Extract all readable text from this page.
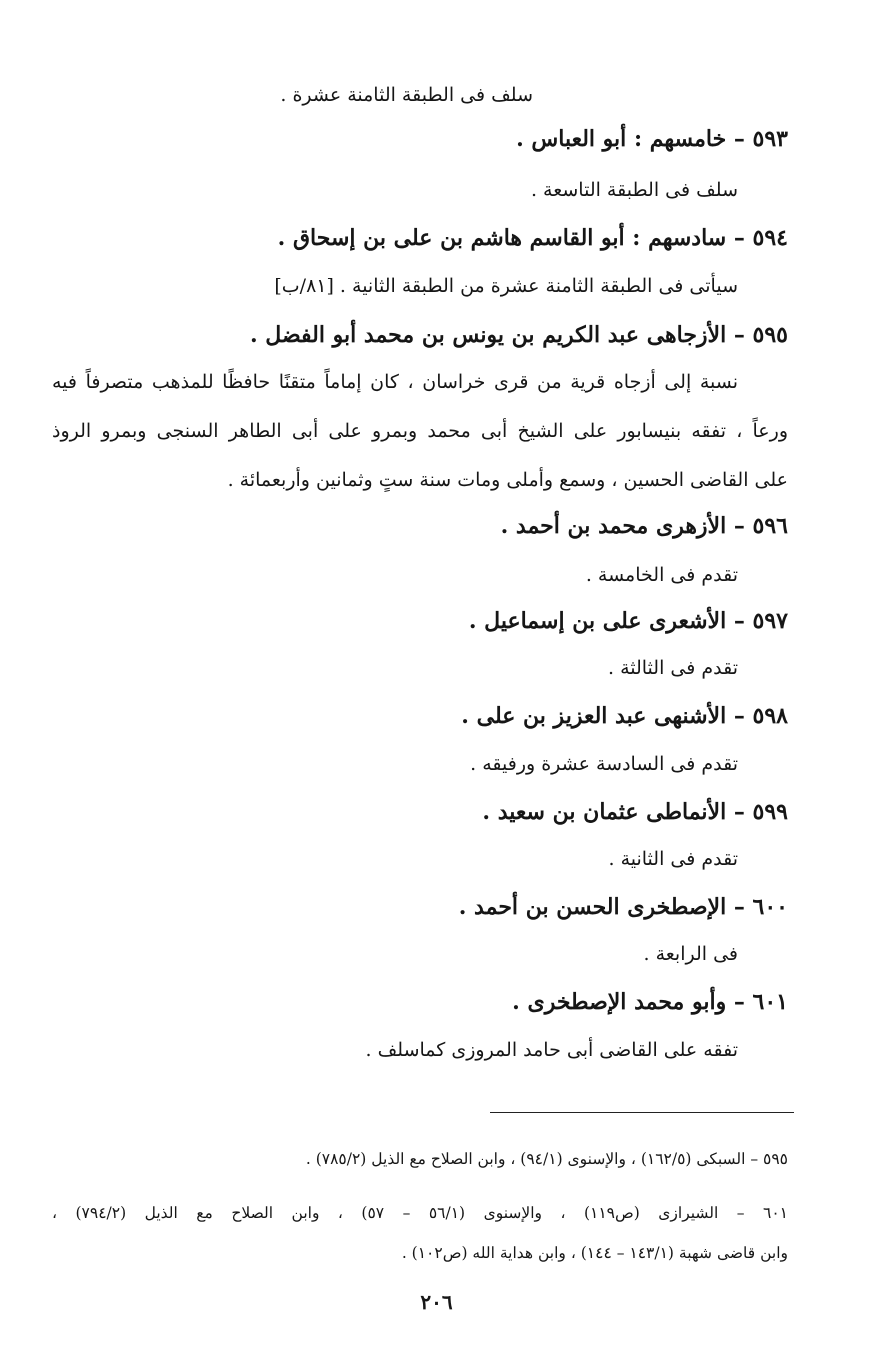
سلف فى الطبقة الثامنة عشرة .
٥٩٣ – خامسهم : أبو العباس .
سلف فى الطبقة التاسعة .
٥٩٤ – سادسهم : أبو القاسم هاشم بن على بن إسحاق .
سيأتى فى الطبقة الثامنة عشرة من الطبقة الثانية . [٨١/ب]
٥٩٥ – الأزجاهى عبد الكريم بن يونس بن محمد أبو الفضل .
نسبة إلى أزجاه قرية من قرى خراسان ، كان إماماً متقنًا حافظًا للمذهب متصرفاً فيه
ورعاً ، تفقه بنيسابور على الشيخ أبى محمد وبمرو على أبى الطاهر السنجى وبمرو الروذ
على القاضى الحسين ، وسمع وأملى ومات سنة ستٍ وثمانين وأربعمائة .
٥٩٦ – الأزهرى محمد بن أحمد .
تقدم فى الخامسة .
٥٩٧ – الأشعرى على بن إسماعيل .
تقدم فى الثالثة .
٥٩٨ – الأشنهى عبد العزيز بن على .
تقدم فى السادسة عشرة ورفيقه .
٥٩٩ – الأنماطى عثمان بن سعيد .
تقدم فى الثانية .
٦٠٠ – الإصطخرى الحسن بن أحمد .
فى الرابعة .
٦٠١ – وأبو محمد الإصطخرى .
تفقه على القاضى أبى حامد المروزى كماسلف .
٥٩٥ – السبكى (١٦٢/٥) ، والإسنوى (٩٤/١) ، وابن الصلاح مع الذيل (٧٨٥/٢) .
٦٠١ – الشيرازى (ص١١٩) ، والإسنوى (٥٦/١ – ٥٧) ، وابن الصلاح مع الذيل (٧٩٤/٢) ،
وابن قاضى شهبة (١٤٣/١ – ١٤٤) ، وابن هداية الله (ص١٠٢) .
٢٠٦
